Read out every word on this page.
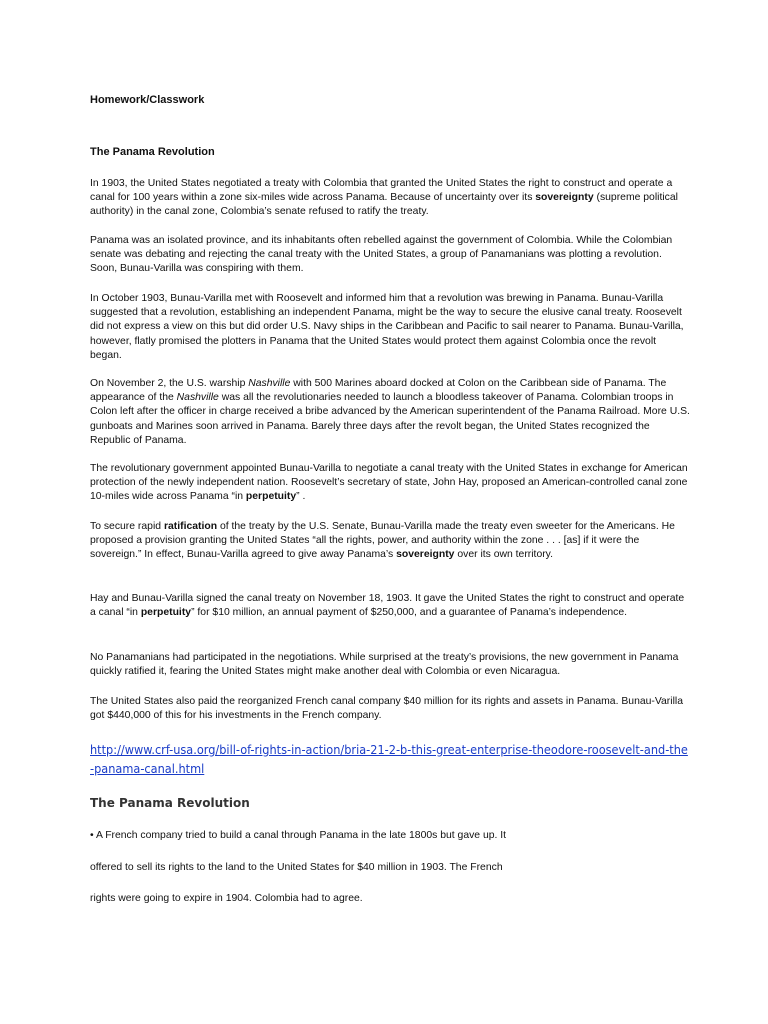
Homework/Classwork
The Panama Revolution
In 1903, the United States negotiated a treaty with Colombia that granted the United States the right to construct and operate a canal for 100 years within a zone six-miles wide across Panama. Because of uncertainty over its sovereignty (supreme political authority) in the canal zone, Colombia’s senate refused to ratify the treaty.
Panama was an isolated province, and its inhabitants often rebelled against the government of Colombia. While the Colombian senate was debating and rejecting the canal treaty with the United States, a group of Panamanians was plotting a revolution. Soon, Bunau-Varilla was conspiring with them.
In October 1903, Bunau-Varilla met with Roosevelt and informed him that a revolution was brewing in Panama. Bunau-Varilla suggested that a revolution, establishing an independent Panama, might be the way to secure the elusive canal treaty. Roosevelt did not express a view on this but did order U.S. Navy ships in the Caribbean and Pacific to sail nearer to Panama. Bunau-Varilla, however, flatly promised the plotters in Panama that the United States would protect them against Colombia once the revolt began.
On November 2, the U.S. warship Nashville with 500 Marines aboard docked at Colon on the Caribbean side of Panama. The appearance of the Nashville was all the revolutionaries needed to launch a bloodless takeover of Panama. Colombian troops in Colon left after the officer in charge received a bribe advanced by the American superintendent of the Panama Railroad. More U.S. gunboats and Marines soon arrived in Panama. Barely three days after the revolt began, the United States recognized the Republic of Panama.
The revolutionary government appointed Bunau-Varilla to negotiate a canal treaty with the United States in exchange for American protection of the newly independent nation. Roosevelt’s secretary of state, John Hay, proposed an American-controlled canal zone 10-miles wide across Panama “in perpetuity” .
To secure rapid ratification of the treaty by the U.S. Senate, Bunau-Varilla made the treaty even sweeter for the Americans. He proposed a provision granting the United States “all the rights, power, and authority within the zone . . . [as] if it were the sovereign.” In effect, Bunau-Varilla agreed to give away Panama’s sovereignty over its own territory.
Hay and Bunau-Varilla signed the canal treaty on November 18, 1903. It gave the United States the right to construct and operate a canal “in perpetuity” for $10 million, an annual payment of $250,000, and a guarantee of Panama’s independence.
No Panamanians had participated in the negotiations. While surprised at the treaty’s provisions, the new government in Panama quickly ratified it, fearing the United States might make another deal with Colombia or even Nicaragua.
The United States also paid the reorganized French canal company $40 million for its rights and assets in Panama. Bunau-Varilla got $440,000 of this for his investments in the French company.
http://www.crf-usa.org/bill-of-rights-in-action/bria-21-2-b-this-great-enterprise-theodore-roosevelt-and-the-panama-canal.html
The Panama Revolution
• A French company tried to build a canal through Panama in the late 1800s but gave up. It
offered to sell its rights to the land to the United States for $40 million in 1903. The French
rights were going to expire in 1904. Colombia had to agree.
